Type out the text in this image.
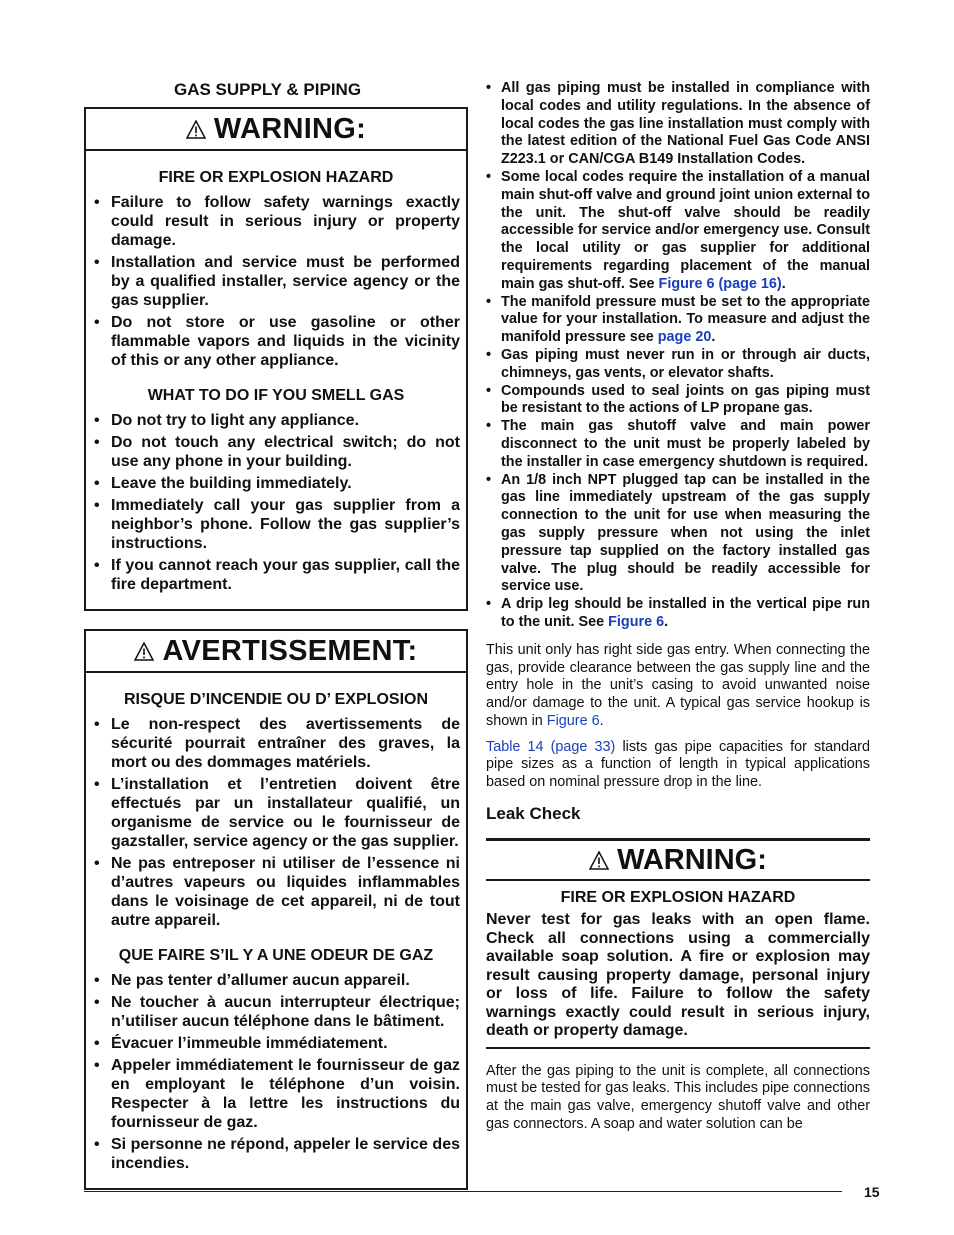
GAS SUPPLY & PIPING
WARNING:
FIRE OR EXPLOSION HAZARD
• Failure to follow safety warnings exactly could result in serious injury or property damage.
• Installation and service must be performed by a qualified installer, service agency or the gas supplier.
• Do not store or use gasoline or other flammable vapors and liquids in the vicinity of this or any other appliance.
WHAT TO DO IF YOU SMELL GAS
• Do not try to light any appliance.
• Do not touch any electrical switch; do not use any phone in your building.
• Leave the building immediately.
• Immediately call your gas supplier from a neighbor’s phone. Follow the gas supplier’s instructions.
• If you cannot reach your gas supplier, call the fire department.
AVERTISSEMENT:
RISQUE D’INCENDIE OU D’ EXPLOSION
• Le non-respect des avertissements de sécurité pourrait entraîner des graves, la mort ou des dommages matériels.
• L’installation et l’entretien doivent être effectués par un installateur qualifié, un organisme de service ou le fournisseur de gazstaller, service agency or the gas supplier.
• Ne pas entreposer ni utiliser de l’essence ni d’autres vapeurs ou liquides inflammables dans le voisinage de cet appareil, ni de tout autre appareil.
QUE FAIRE S’IL Y A UNE ODEUR DE GAZ
• Ne pas tenter d’allumer aucun appareil.
• Ne toucher à aucun interrupteur électrique; n’utiliser aucun téléphone dans le bâtiment.
• Évacuer l’immeuble immédiatement.
• Appeler immédiatement le fournisseur de gaz en employant le téléphone d’un voisin. Respecter à la lettre les instructions du fournisseur de gaz.
• Si personne ne répond, appeler le service des incendies.
• All gas piping must be installed in compliance with local codes and utility regulations. In the absence of local codes the gas line installation must comply with the latest edition of the National Fuel Gas Code ANSI Z223.1 or CAN/CGA B149 Installation Codes.
• Some local codes require the installation of a manual main shut-off valve and ground joint union external to the unit. The shut-off valve should be readily accessible for service and/or emergency use. Consult the local utility or gas supplier for additional requirements regarding placement of the manual main gas shut-off. See Figure 6 (page 16).
• The manifold pressure must be set to the appropriate value for your installation. To measure and adjust the manifold pressure see page 20.
• Gas piping must never run in or through air ducts, chimneys, gas vents, or elevator shafts.
• Compounds used to seal joints on gas piping must be resistant to the actions of LP propane gas.
• The main gas shutoff valve and main power disconnect to the unit must be properly labeled by the installer in case emergency shutdown is required.
• An 1/8 inch NPT plugged tap can be installed in the gas line immediately upstream of the gas supply connection to the unit for use when measuring the gas supply pressure when not using the inlet pressure tap supplied on the factory installed gas valve. The plug should be readily accessible for service use.
• A drip leg should be installed in the vertical pipe run to the unit. See Figure 6.

This unit only has right side gas entry. When connecting the gas, provide clearance between the gas supply line and the entry hole in the unit’s casing to avoid unwanted noise and/or damage to the unit. A typical gas service hookup is shown in Figure 6.

Table 14 (page 33) lists gas pipe capacities for standard pipe sizes as a function of length in typical applications based on nominal pressure drop in the line.

Leak Check
WARNING:
FIRE OR EXPLOSION HAZARD
Never test for gas leaks with an open flame. Check all connections using a commercially available soap solution. A fire or explosion may result causing property damage, personal injury or loss of life. Failure to follow the safety warnings exactly could result in serious injury, death or property damage.

After the gas piping to the unit is complete, all connections must be tested for gas leaks. This includes pipe connections at the main gas valve, emergency shutoff valve and other gas connectors. A soap and water solution can be

15
